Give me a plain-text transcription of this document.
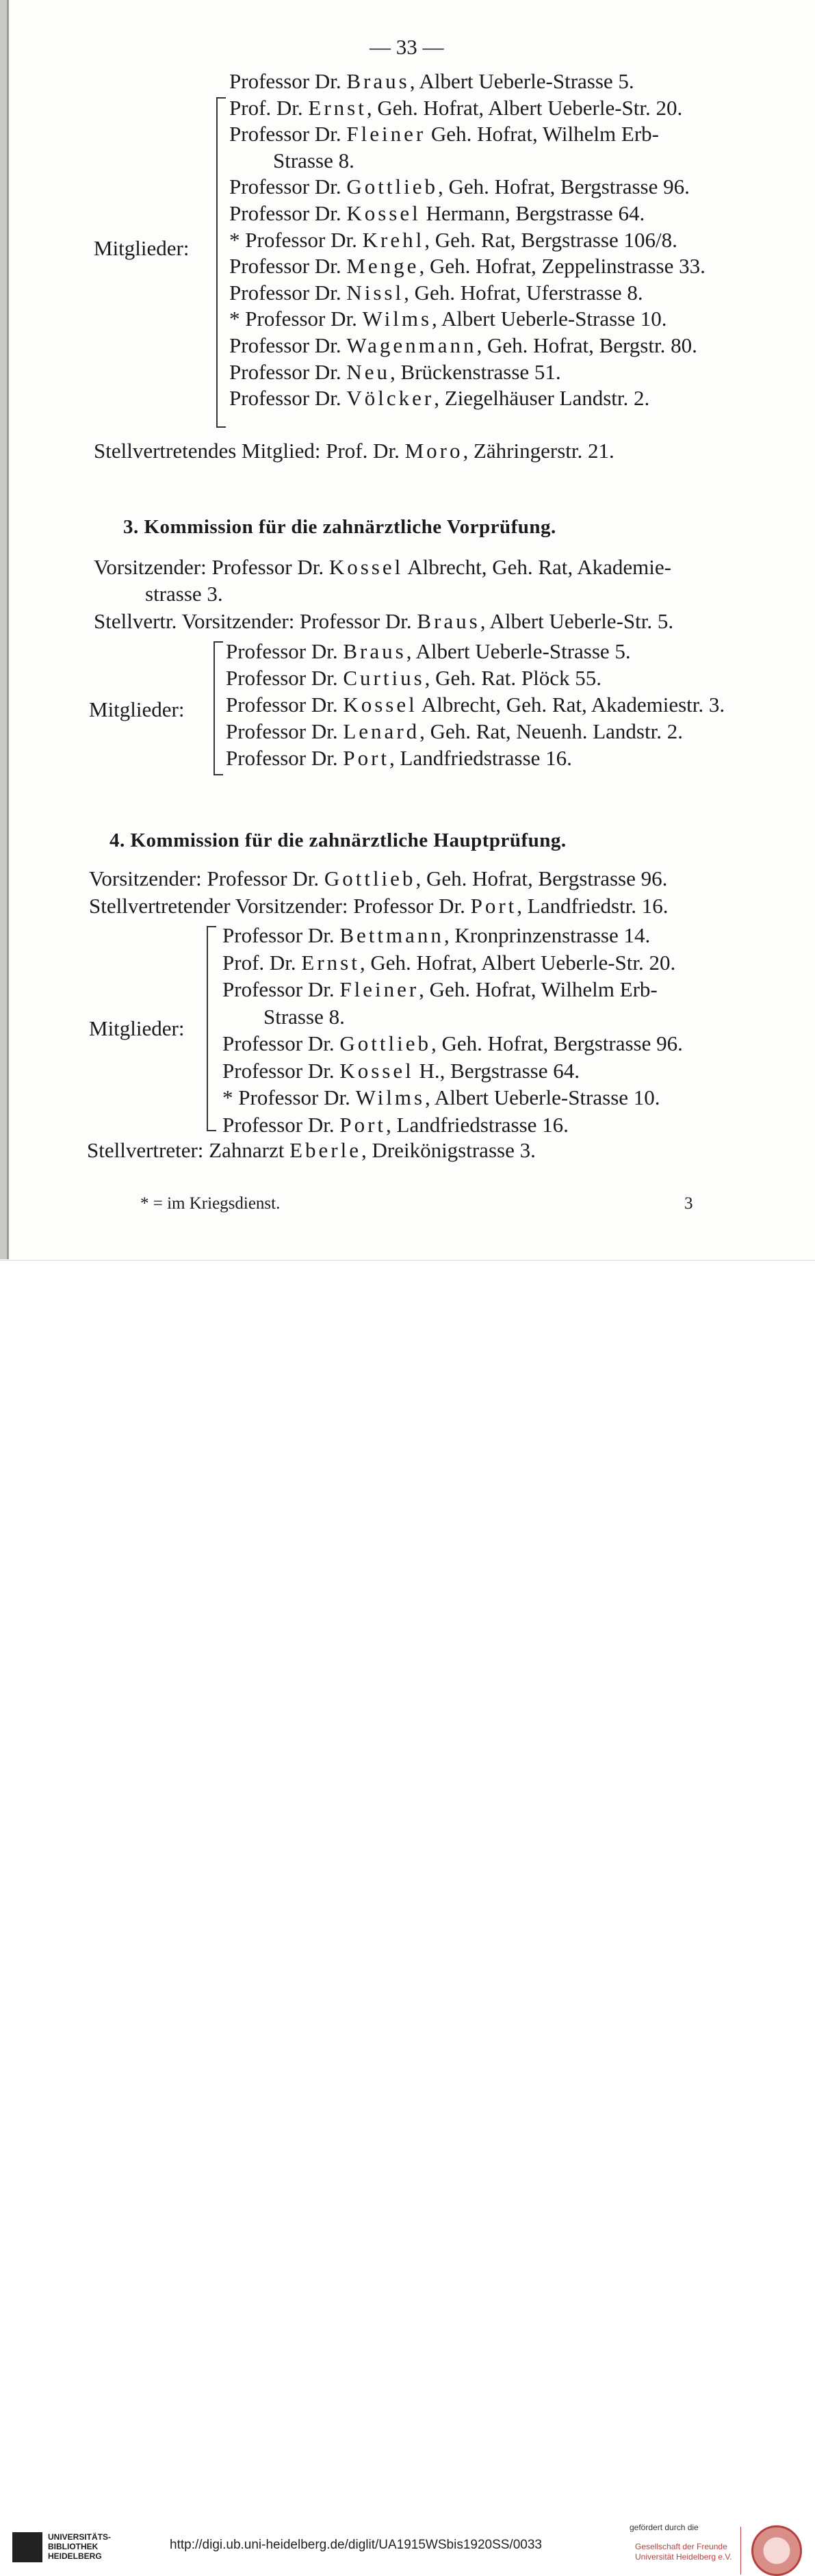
— 33 —
Mitglieder:
Professor Dr. Braus, Albert Ueberle-Strasse 5.
Prof. Dr. Ernst, Geh. Hofrat, Albert Ueberle-Str. 20.
Professor Dr. Fleiner Geh. Hofrat, Wilhelm Erb-
Strasse 8.
Professor Dr. Gottlieb, Geh. Hofrat, Bergstrasse 96.
Professor Dr. Kossel Hermann, Bergstrasse 64.
* Professor Dr. Krehl, Geh. Rat, Bergstrasse 106/8.
Professor Dr. Menge, Geh. Hofrat, Zeppelinstrasse 33.
Professor Dr. Nissl, Geh. Hofrat, Uferstrasse 8.
* Professor Dr. Wilms, Albert Ueberle-Strasse 10.
Professor Dr. Wagenmann, Geh. Hofrat, Bergstr. 80.
Professor Dr. Neu, Brückenstrasse 51.
Professor Dr. Völcker, Ziegelhäuser Landstr. 2.
Stellvertretendes Mitglied: Prof. Dr. Moro, Zähringerstr. 21.
3. Kommission für die zahnärztliche Vorprüfung.
Vorsitzender: Professor Dr. Kossel Albrecht, Geh. Rat, Akademie-
strasse 3.
Stellvertr. Vorsitzender: Professor Dr. Braus, Albert Ueberle-Str. 5.
Mitglieder:
Professor Dr. Braus, Albert Ueberle-Strasse 5.
Professor Dr. Curtius, Geh. Rat. Plöck 55.
Professor Dr. Kossel Albrecht, Geh. Rat, Akademiestr. 3.
Professor Dr. Lenard, Geh. Rat, Neuenh. Landstr. 2.
Professor Dr. Port, Landfriedstrasse 16.
4. Kommission für die zahnärztliche Hauptprüfung.
Vorsitzender: Professor Dr. Gottlieb, Geh. Hofrat, Bergstrasse 96.
Stellvertretender Vorsitzender: Professor Dr. Port, Landfriedstr. 16.
Mitglieder:
Professor Dr. Bettmann, Kronprinzenstrasse 14.
Prof. Dr. Ernst, Geh. Hofrat, Albert Ueberle-Str. 20.
Professor Dr. Fleiner, Geh. Hofrat, Wilhelm Erb-
Strasse 8.
Professor Dr. Gottlieb, Geh. Hofrat, Bergstrasse 96.
Professor Dr. Kossel H., Bergstrasse 64.
* Professor Dr. Wilms, Albert Ueberle-Strasse 10.
Professor Dr. Port, Landfriedstrasse 16.
Stellvertreter: Zahnarzt Eberle, Dreikönigstrasse 3.
* = im Kriegsdienst.	3
UNIVERSITÄTS-
BIBLIOTHEK
HEIDELBERG
http://digi.ub.uni-heidelberg.de/diglit/UA1915WSbis1920SS/0033
gefördert durch die
Gesellschaft der Freunde
Universität Heidelberg e.V.
